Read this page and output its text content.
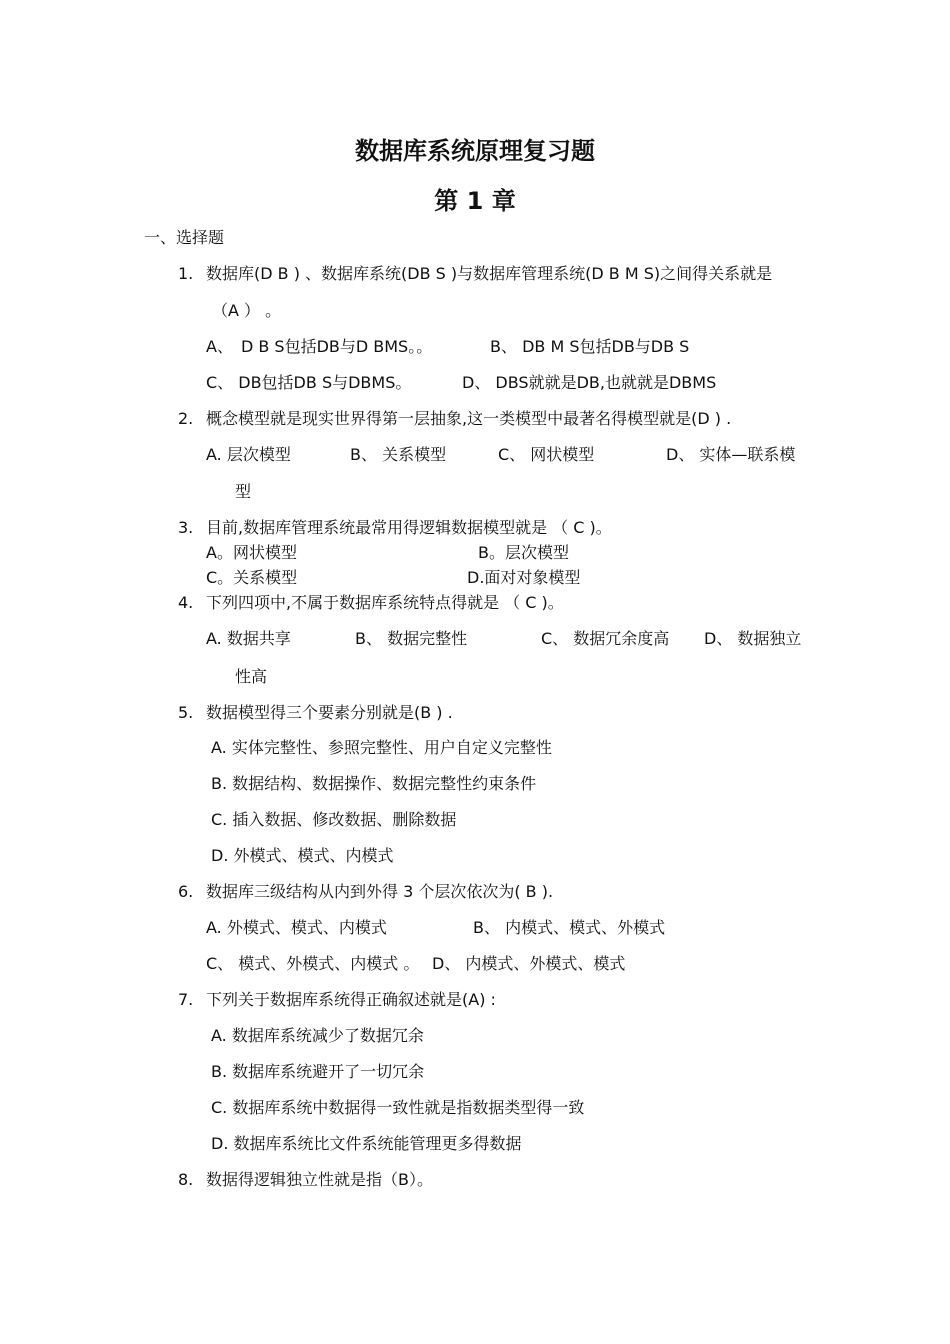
数据库系统原理复习题
第 1 章
一、选择题
1. 数据库(D B ) 、数据库系统(DB S )与数据库管理系统(D B M S)之间得关系就是
（A ） 。
A、　D B S包括DB与D BMS｡｡	B、 DB M S包括DB与DB S
C、 DB包括DB S与DBMS｡	D、 DBS就就是DB,也就就是DBMS
2. 概念模型就是现实世界得第一层抽象,这一类模型中最著名得模型就是(D ) .
A. 层次模型	B、 关系模型	C、 网状模型	D、 实体—联系模
型
3. 目前,数据库管理系统最常用得逻辑数据模型就是 （ C )。
A。网状模型	B。层次模型
C。关系模型	D.面对对象模型
4. 下列四项中,不属于数据库系统特点得就是 （ C )。
A. 数据共享	B、 数据完整性	C、 数据冗余度高 D、 数据独立
性高
5. 数据模型得三个要素分别就是(B ) .
A. 实体完整性、参照完整性、用户自定义完整性
B. 数据结构、数据操作、数据完整性约束条件
C. 插入数据、修改数据、删除数据
D. 外模式、模式、内模式
6. 数据库三级结构从内到外得 3 个层次依次为( B ).
A. 外模式、模式、内模式	B、 内模式、模式、外模式
C、 模式、外模式、内模式 。 D、 内模式、外模式、模式
7. 下列关于数据库系统得正确叙述就是(A) :
A. 数据库系统减少了数据冗余
B. 数据库系统避开了一切冗余
C. 数据库系统中数据得一致性就是指数据类型得一致
D. 数据库系统比文件系统能管理更多得数据
8. 数据得逻辑独立性就是指（B）。
